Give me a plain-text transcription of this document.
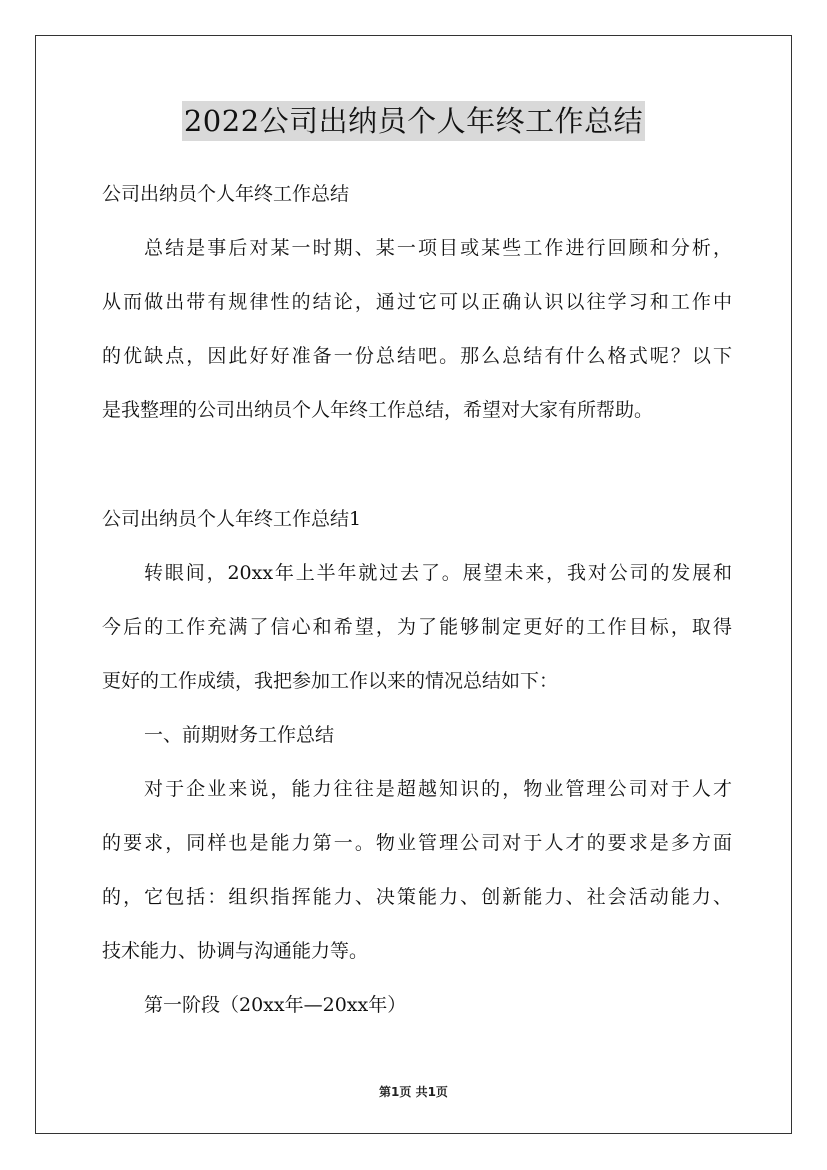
2022公司出纳员个人年终工作总结
公司出纳员个人年终工作总结
总结是事后对某一时期、某一项目或某些工作进行回顾和分析，
从而做出带有规律性的结论，通过它可以正确认识以往学习和工作中
的优缺点，因此好好准备一份总结吧。那么总结有什么格式呢？以下
是我整理的公司出纳员个人年终工作总结，希望对大家有所帮助。
公司出纳员个人年终工作总结1
转眼间，20xx年上半年就过去了。展望未来，我对公司的发展和
今后的工作充满了信心和希望，为了能够制定更好的工作目标，取得
更好的工作成绩，我把参加工作以来的情况总结如下：
一、前期财务工作总结
对于企业来说，能力往往是超越知识的，物业管理公司对于人才
的要求，同样也是能力第一。物业管理公司对于人才的要求是多方面
的，它包括：组织指挥能力、决策能力、创新能力、社会活动能力、
技术能力、协调与沟通能力等。
第一阶段（20xx年—20xx年）
第1页 共1页
